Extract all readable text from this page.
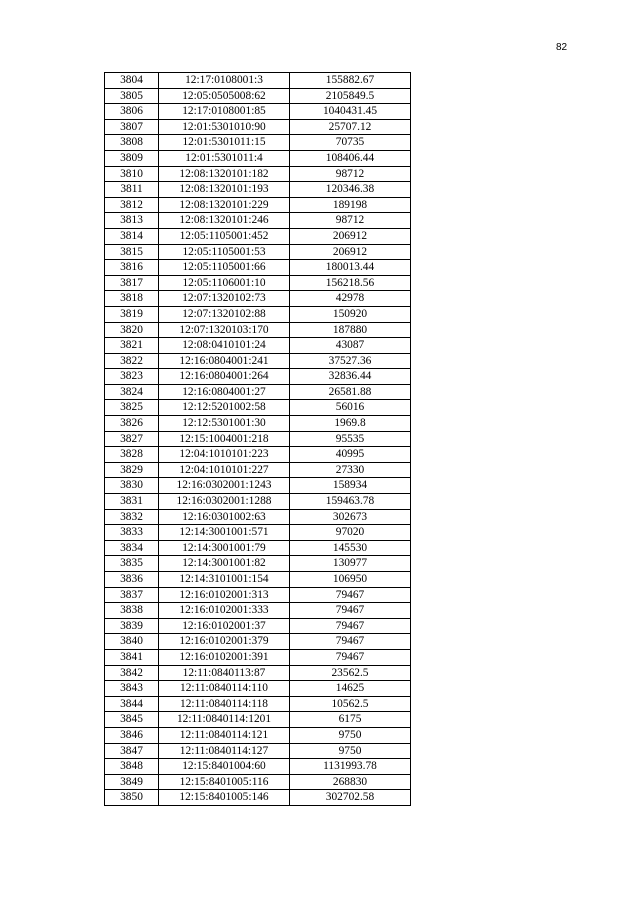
82
3804	12:17:0108001:3	155882.67
3805	12:05:0505008:62	2105849.5
3806	12:17:0108001:85	1040431.45
3807	12:01:5301010:90	25707.12
3808	12:01:5301011:15	70735
3809	12:01:5301011:4	108406.44
3810	12:08:1320101:182	98712
3811	12:08:1320101:193	120346.38
3812	12:08:1320101:229	189198
3813	12:08:1320101:246	98712
3814	12:05:1105001:452	206912
3815	12:05:1105001:53	206912
3816	12:05:1105001:66	180013.44
3817	12:05:1106001:10	156218.56
3818	12:07:1320102:73	42978
3819	12:07:1320102:88	150920
3820	12:07:1320103:170	187880
3821	12:08:0410101:24	43087
3822	12:16:0804001:241	37527.36
3823	12:16:0804001:264	32836.44
3824	12:16:0804001:27	26581.88
3825	12:12:5201002:58	56016
3826	12:12:5301001:30	1969.8
3827	12:15:1004001:218	95535
3828	12:04:1010101:223	40995
3829	12:04:1010101:227	27330
3830	12:16:0302001:1243	158934
3831	12:16:0302001:1288	159463.78
3832	12:16:0301002:63	302673
3833	12:14:3001001:571	97020
3834	12:14:3001001:79	145530
3835	12:14:3001001:82	130977
3836	12:14:3101001:154	106950
3837	12:16:0102001:313	79467
3838	12:16:0102001:333	79467
3839	12:16:0102001:37	79467
3840	12:16:0102001:379	79467
3841	12:16:0102001:391	79467
3842	12:11:0840113:87	23562.5
3843	12:11:0840114:110	14625
3844	12:11:0840114:118	10562.5
3845	12:11:0840114:1201	6175
3846	12:11:0840114:121	9750
3847	12:11:0840114:127	9750
3848	12:15:8401004:60	1131993.78
3849	12:15:8401005:116	268830
3850	12:15:8401005:146	302702.58
